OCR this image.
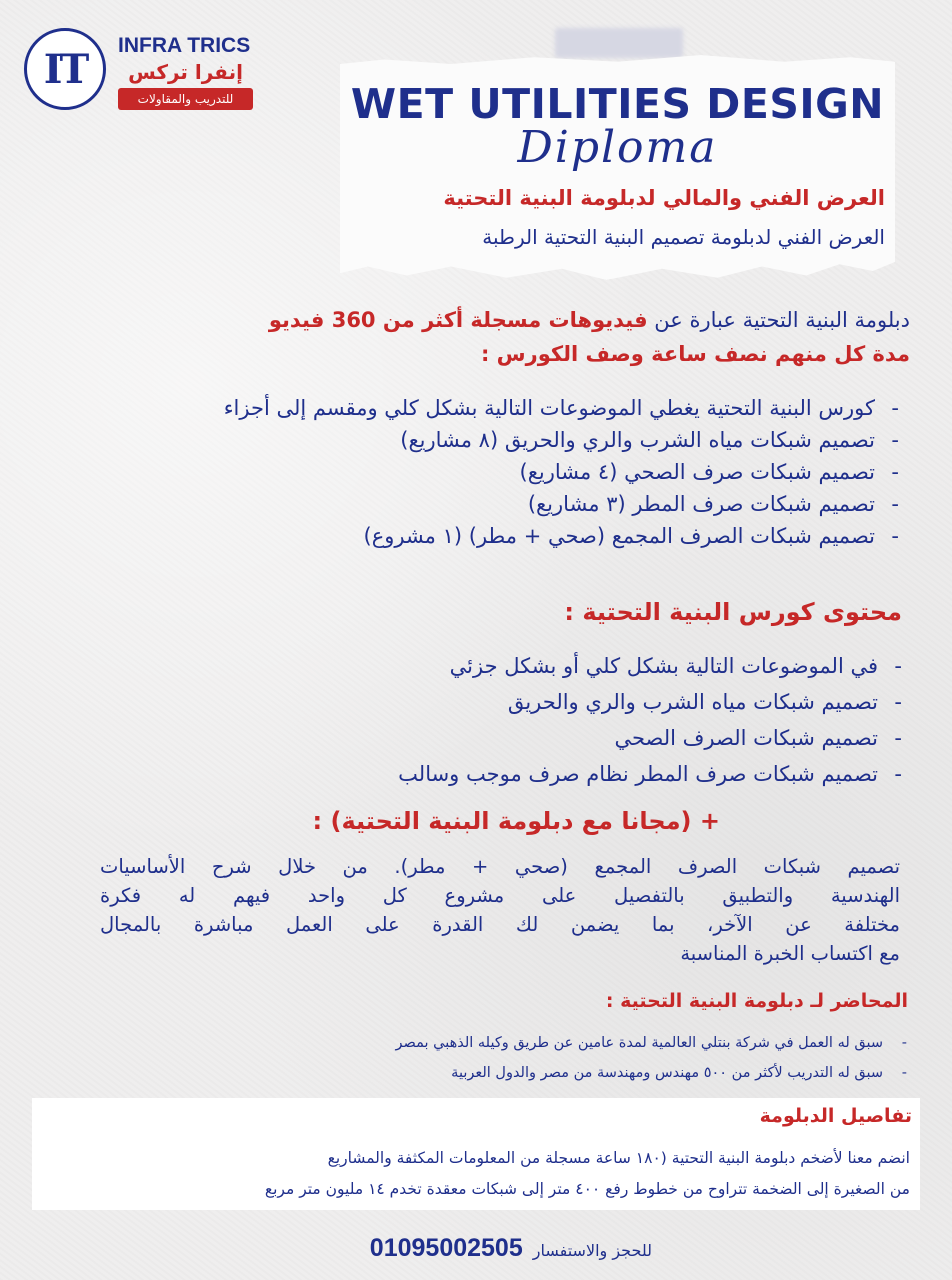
IT INFRA TRICS
إنفرا تركس
للتدريب والمقاولات	WET UTILITIES DESIGN
Diploma
العرض الفني والمالي لدبلومة البنية التحتية
العرض الفني لدبلومة تصميم البنية التحتية الرطبة
دبلومة البنية التحتية عبارة عن فيديوهات مسجلة أكثر من 360 فيديو
مدة كل منهم نصف ساعة وصف الكورس :
- كورس البنية التحتية يغطي الموضوعات التالية بشكل كلي ومقسم إلى أجزاء
- تصميم شبكات مياه الشرب والري والحريق (٨ مشاريع)
- تصميم شبكات صرف الصحي (٤ مشاريع)
- تصميم شبكات صرف المطر (٣ مشاريع)
- تصميم شبكات الصرف المجمع (صحي + مطر) (١ مشروع)
محتوى كورس البنية التحتية :
- في الموضوعات التالية بشكل كلي أو بشكل جزئي
- تصميم شبكات مياه الشرب والري والحريق
- تصميم شبكات الصرف الصحي
- تصميم شبكات صرف المطر نظام صرف موجب وسالب
+ (مجانا مع دبلومة البنية التحتية) :
تصميم شبكات الصرف المجمع (صحي + مطر). من خلال شرح الأساسيات
الهندسية والتطبيق بالتفصيل على مشروع كل واحد فيهم له فكرة
مختلفة عن الآخر، بما يضمن لك القدرة على العمل مباشرة بالمجال
مع اكتساب الخبرة المناسبة
المحاضر لـ دبلومة البنية التحتية :
- سبق له العمل في شركة بنتلي العالمية لمدة عامين عن طريق وكيله الذهبي بمصر
- سبق له التدريب لأكثر من ٥٠٠ مهندس ومهندسة من مصر والدول العربية
تفاصيل الدبلومة
انضم معنا لأضخم دبلومة البنية التحتية (١٨٠ ساعة مسجلة من المعلومات المكثفة والمشاريع
من الصغيرة إلى الضخمة تتراوح من خطوط رفع ٤٠٠ متر إلى شبكات معقدة تخدم ١٤ مليون متر مربع
للحجز والاستفسار
01095002505
